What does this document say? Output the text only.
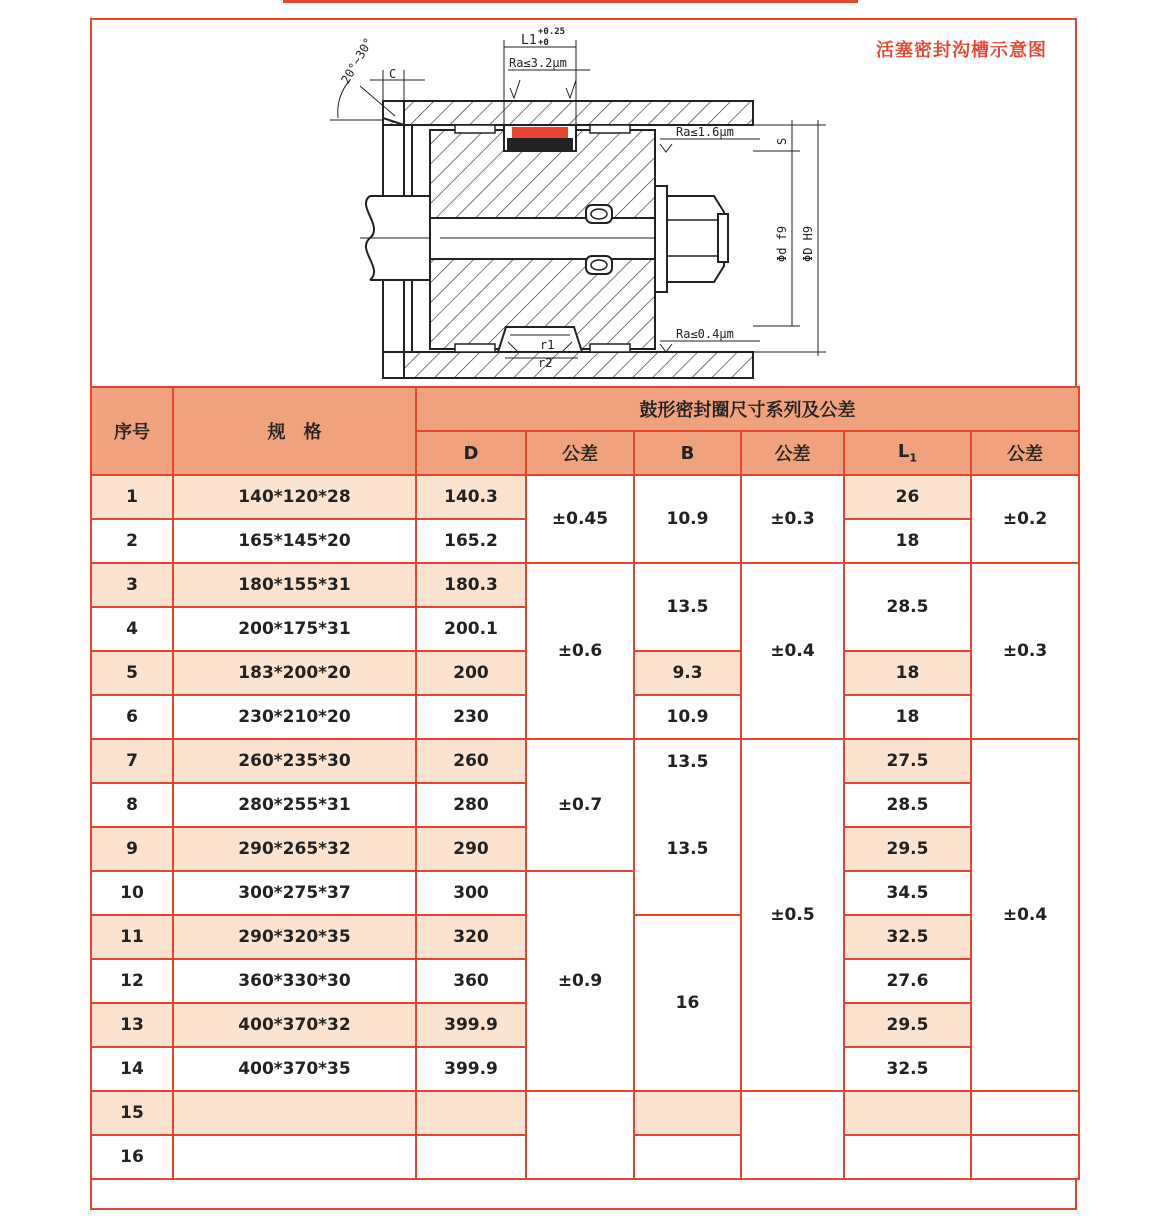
活塞密封沟槽示意图
r1
r2
20°~30° C
L1
+0.25
+0
Ra≤3.2μm
Ra≤1.6μm
Ra≤0.4μm
S
Φd f9 ΦD H9
序号	规　格	鼓形密封圈尺寸系列及公差					
		D	公差	B	公差	$L_1$	公差
1	140*120*28	140.3	±0.45	10.9	±0.3	26	±0.2
2	165*145*20	165.2				18	
3	180*155*31	180.3	±0.6	13.5	±0.4	28.5	±0.3
4	200*175*31	200.1					
5	183*200*20	200		9.3		18	
6	230*210*20	230		10.9		18	
7	260*235*30	260	±0.7	13.5	±0.5	27.5	±0.4
8	280*255*31	280		13.5		28.5	
9	290*265*32	290				29.5	
10	300*275*37	300	±0.9			34.5	
11	290*320*35	320		16		32.5	
12	360*330*30	360				27.6	
13	400*370*32	399.9				29.5	
14	400*370*35	399.9				32.5	
15							
16							
